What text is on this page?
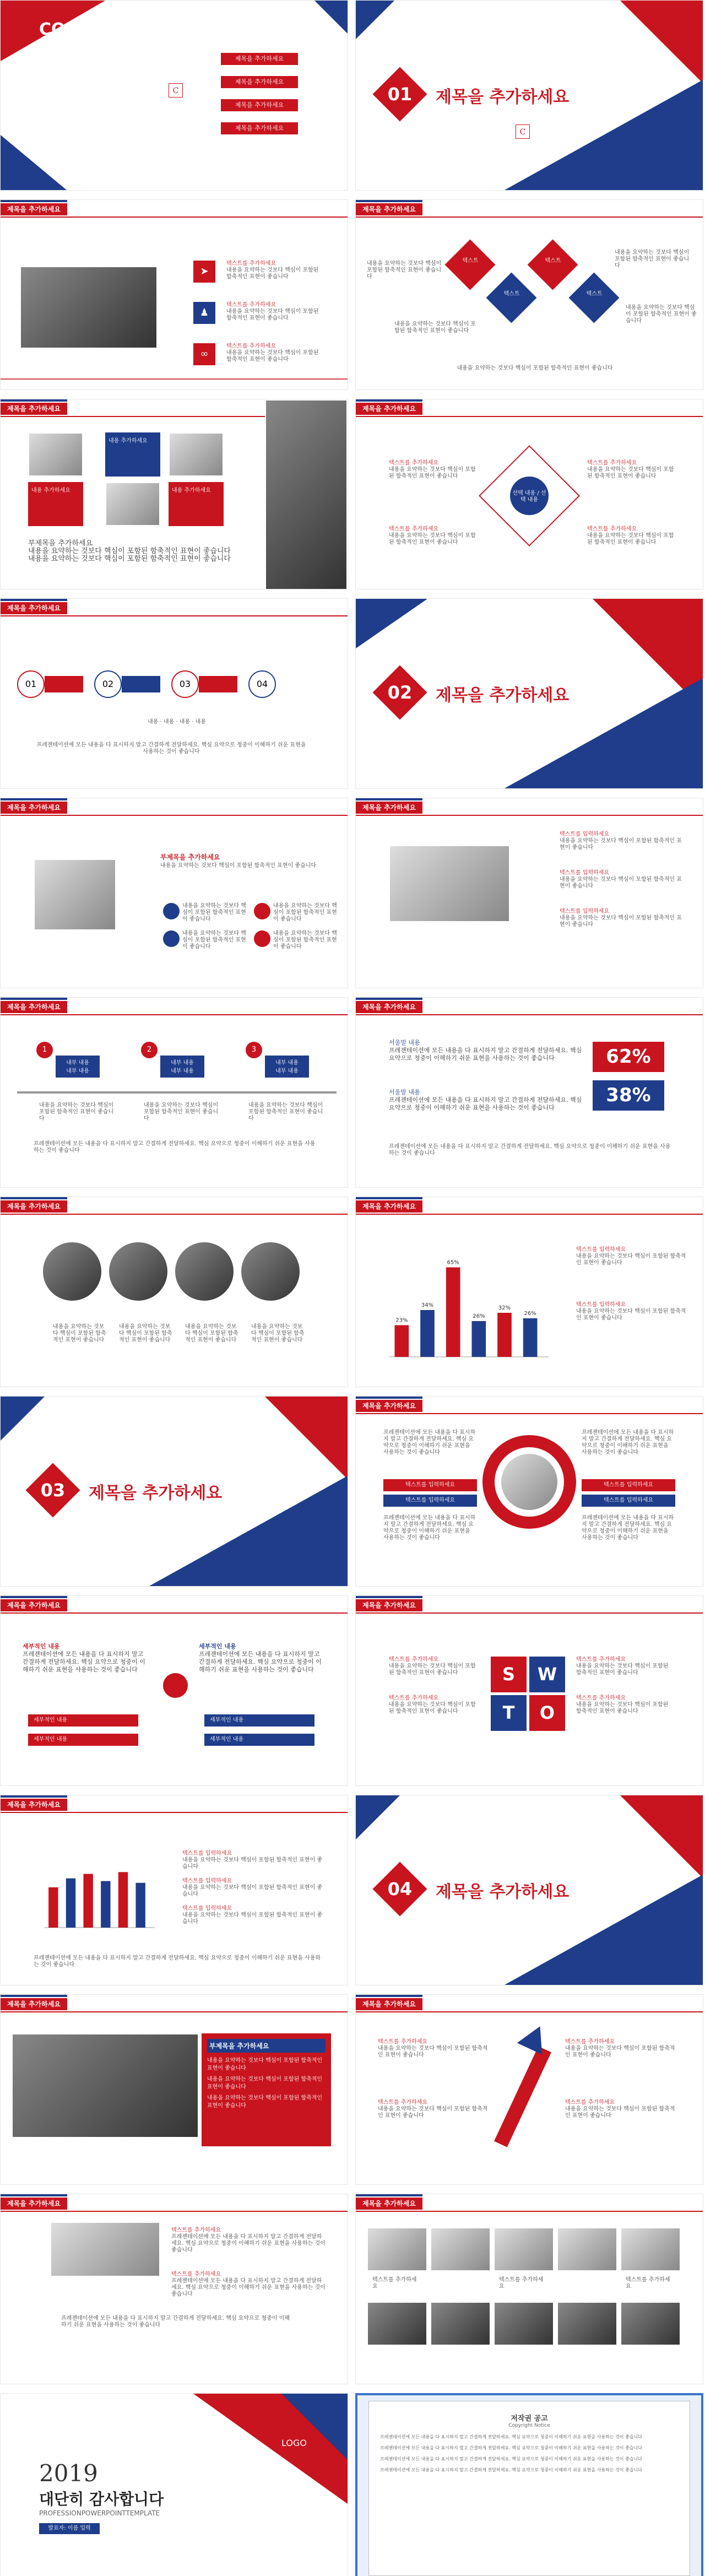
CONTENT
제목을 추가하세요
제목을 추가하세요
제목을 추가하세요
제목을 추가하세요
C	01	제목을 추가하세요
C
제목을 추가하세요
➤
♟
∞
텍스트를 추가하세요
내용을 요약하는 것보다 핵심이 포함된 함축적인 표현이 좋습니다
텍스트를 추가하세요
내용을 요약하는 것보다 핵심이 포함된 함축적인 표현이 좋습니다
텍스트를 추가하세요
내용을 요약하는 것보다 핵심이 포함된 함축적인 표현이 좋습니다
제목을 추가하세요
텍스트	텍스트
텍스트	텍스트
내용을 요약하는 것보다 핵심이 포함된 함축적인 표현이 좋습니다
내용을 요약하는 것보다 핵심이 포함된 함축적인 표현이 좋습니다
내용을 요약하는 것보다 핵심이 포함된 함축적인 표현이 좋습니다
내용을 요약하는 것보다 핵심이 포함된 함축적인 표현이 좋습니다
내용을 요약하는 것보다 핵심이 포함된 함축적인 표현이 좋습니다
제목을 추가하세요
내용 추가하세요
내용 추가하세요	내용 추가하세요
부제목을 추가하세요
내용을 요약하는 것보다 핵심이 포함된 함축적인 표현이 좋습니다
내용을 요약하는 것보다 핵심이 포함된 함축적인 표현이 좋습니다
제목을 추가하세요
선택 내용 / 선택 내용
텍스트를 추가하세요
내용을 요약하는 것보다 핵심이 포함된 함축적인 표현이 좋습니다
텍스트를 추가하세요
내용을 요약하는 것보다 핵심이 포함된 함축적인 표현이 좋습니다
텍스트를 추가하세요
내용을 요약하는 것보다 핵심이 포함된 함축적인 표현이 좋습니다
텍스트를 추가하세요
내용을 요약하는 것보다 핵심이 포함된 함축적인 표현이 좋습니다
제목을 추가하세요
01	02	03	04
내용 · 내용 · 내용 · 내용
프레젠테이션에 모든 내용을 다 표시하지 말고 간결하게 전달하세요. 핵심 요약으로 청중이 이해하기 쉬운 표현을 사용하는 것이 좋습니다
02	제목을 추가하세요
제목을 추가하세요
부제목을 추가하세요
내용을 요약하는 것보다 핵심이 포함된 함축적인 표현이 좋습니다
내용을 요약하는 것보다 핵심이 포함된 함축적인 표현이 좋습니다
내용을 요약하는 것보다 핵심이 포함된 함축적인 표현이 좋습니다
내용을 요약하는 것보다 핵심이 포함된 함축적인 표현이 좋습니다
내용을 요약하는 것보다 핵심이 포함된 함축적인 표현이 좋습니다
제목을 추가하세요
텍스트를 입력하세요
내용을 요약하는 것보다 핵심이 포함된 함축적인 표현이 좋습니다
텍스트를 입력하세요
내용을 요약하는 것보다 핵심이 포함된 함축적인 표현이 좋습니다
텍스트를 입력하세요
내용을 요약하는 것보다 핵심이 포함된 함축적인 표현이 좋습니다
제목을 추가하세요
1	2	3
내부 내용
내부 내용
내부 내용
내부 내용
내부 내용
내부 내용
내용을 요약하는 것보다 핵심이 포함된 함축적인 표현이 좋습니다
내용을 요약하는 것보다 핵심이 포함된 함축적인 표현이 좋습니다
내용을 요약하는 것보다 핵심이 포함된 함축적인 표현이 좋습니다
프레젠테이션에 모든 내용을 다 표시하지 말고 간결하게 전달하세요. 핵심 요약으로 청중이 이해하기 쉬운 표현을 사용하는 것이 좋습니다
제목을 추가하세요
서울말 내용
프레젠테이션에 모든 내용을 다 표시하지 말고 간결하게 전달하세요. 핵심 요약으로 청중이 이해하기 쉬운 표현을 사용하는 것이 좋습니다
서울말 내용
프레젠테이션에 모든 내용을 다 표시하지 말고 간결하게 전달하세요. 핵심 요약으로 청중이 이해하기 쉬운 표현을 사용하는 것이 좋습니다
62%
38%
프레젠테이션에 모든 내용을 다 표시하지 말고 간결하게 전달하세요. 핵심 요약으로 청중이 이해하기 쉬운 표현을 사용하는 것이 좋습니다
제목을 추가하세요
내용을 요약하는 것보다 핵심이 포함된 함축적인 표현이 좋습니다
내용을 요약하는 것보다 핵심이 포함된 함축적인 표현이 좋습니다
내용을 요약하는 것보다 핵심이 포함된 함축적인 표현이 좋습니다
내용을 요약하는 것보다 핵심이 포함된 함축적인 표현이 좋습니다
제목을 추가하세요
23%
34%
65%
26%
32%
26%
텍스트를 입력하세요
내용을 요약하는 것보다 핵심이 포함된 함축적인 표현이 좋습니다
텍스트를 입력하세요
내용을 요약하는 것보다 핵심이 포함된 함축적인 표현이 좋습니다
03	제목을 추가하세요
제목을 추가하세요
텍스트를 입력하세요
텍스트를 입력하세요
텍스트를 입력하세요
텍스트를 입력하세요
프레젠테이션에 모든 내용을 다 표시하지 말고 간결하게 전달하세요. 핵심 요약으로 청중이 이해하기 쉬운 표현을 사용하는 것이 좋습니다
프레젠테이션에 모든 내용을 다 표시하지 말고 간결하게 전달하세요. 핵심 요약으로 청중이 이해하기 쉬운 표현을 사용하는 것이 좋습니다
프레젠테이션에 모든 내용을 다 표시하지 말고 간결하게 전달하세요. 핵심 요약으로 청중이 이해하기 쉬운 표현을 사용하는 것이 좋습니다
프레젠테이션에 모든 내용을 다 표시하지 말고 간결하게 전달하세요. 핵심 요약으로 청중이 이해하기 쉬운 표현을 사용하는 것이 좋습니다
제목을 추가하세요
세부적인 내용
프레젠테이션에 모든 내용을 다 표시하지 말고 간결하게 전달하세요. 핵심 요약으로 청중이 이해하기 쉬운 표현을 사용하는 것이 좋습니다
세부적인 내용
프레젠테이션에 모든 내용을 다 표시하지 말고 간결하게 전달하세요. 핵심 요약으로 청중이 이해하기 쉬운 표현을 사용하는 것이 좋습니다
세부적인 내용
세부적인 내용
세부적인 내용
세부적인 내용
제목을 추가하세요
S	W
T	O
텍스트를 추가하세요
내용을 요약하는 것보다 핵심이 포함된 함축적인 표현이 좋습니다
텍스트를 추가하세요
내용을 요약하는 것보다 핵심이 포함된 함축적인 표현이 좋습니다
텍스트를 추가하세요
내용을 요약하는 것보다 핵심이 포함된 함축적인 표현이 좋습니다
텍스트를 추가하세요
내용을 요약하는 것보다 핵심이 포함된 함축적인 표현이 좋습니다
제목을 추가하세요
텍스트를 입력하세요
내용을 요약하는 것보다 핵심이 포함된 함축적인 표현이 좋습니다
텍스트를 입력하세요
내용을 요약하는 것보다 핵심이 포함된 함축적인 표현이 좋습니다
텍스트를 입력하세요
내용을 요약하는 것보다 핵심이 포함된 함축적인 표현이 좋습니다
프레젠테이션에 모든 내용을 다 표시하지 말고 간결하게 전달하세요. 핵심 요약으로 청중이 이해하기 쉬운 표현을 사용하는 것이 좋습니다
04	제목을 추가하세요
제목을 추가하세요
부제목을 추가하세요
내용을 요약하는 것보다 핵심이 포함된 함축적인 표현이 좋습니다
내용을 요약하는 것보다 핵심이 포함된 함축적인 표현이 좋습니다
내용을 요약하는 것보다 핵심이 포함된 함축적인 표현이 좋습니다
제목을 추가하세요
텍스트를 추가하세요
내용을 요약하는 것보다 핵심이 포함된 함축적인 표현이 좋습니다
텍스트를 추가하세요
내용을 요약하는 것보다 핵심이 포함된 함축적인 표현이 좋습니다
텍스트를 추가하세요
내용을 요약하는 것보다 핵심이 포함된 함축적인 표현이 좋습니다
텍스트를 추가하세요
내용을 요약하는 것보다 핵심이 포함된 함축적인 표현이 좋습니다
제목을 추가하세요
텍스트를 추가하세요
프레젠테이션에 모든 내용을 다 표시하지 말고 간결하게 전달하세요. 핵심 요약으로 청중이 이해하기 쉬운 표현을 사용하는 것이 좋습니다
텍스트를 추가하세요
프레젠테이션에 모든 내용을 다 표시하지 말고 간결하게 전달하세요. 핵심 요약으로 청중이 이해하기 쉬운 표현을 사용하는 것이 좋습니다
프레젠테이션에 모든 내용을 다 표시하지 말고 간결하게 전달하세요. 핵심 요약으로 청중이 이해하기 쉬운 표현을 사용하는 것이 좋습니다
제목을 추가하세요
텍스트를 추가하세요
텍스트를 추가하세요
텍스트를 추가하세요
2019
대단히 감사합니다
PROFESSIONPOWERPOINTTEMPLATE
발표자: 이름 입력
LOGO
저작권 공고
Copyright Notice
프레젠테이션에 모든 내용을 다 표시하지 말고 간결하게 전달하세요. 핵심 요약으로 청중이 이해하기 쉬운 표현을 사용하는 것이 좋습니다
프레젠테이션에 모든 내용을 다 표시하지 말고 간결하게 전달하세요. 핵심 요약으로 청중이 이해하기 쉬운 표현을 사용하는 것이 좋습니다
프레젠테이션에 모든 내용을 다 표시하지 말고 간결하게 전달하세요. 핵심 요약으로 청중이 이해하기 쉬운 표현을 사용하는 것이 좋습니다
프레젠테이션에 모든 내용을 다 표시하지 말고 간결하게 전달하세요. 핵심 요약으로 청중이 이해하기 쉬운 표현을 사용하는 것이 좋습니다
